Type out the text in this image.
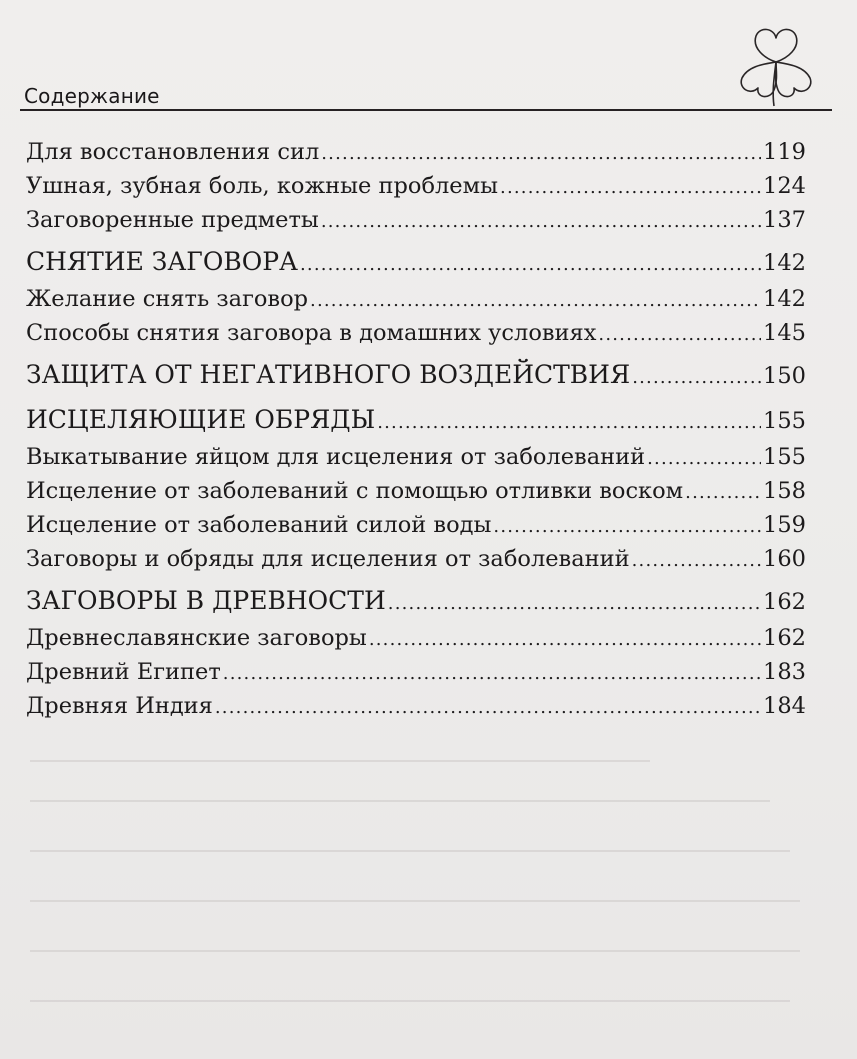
Содержание
Для восстановления сил .....	119
Ушная, зубная боль, кожные проблемы .....	124
Заговоренные предметы .....	137
СНЯТИЕ ЗАГОВОРА .....	142
Желание снять заговор .....	142
Способы снятия заговора в домашних условиях .....	145
ЗАЩИТА ОТ НЕГАТИВНОГО ВОЗДЕЙСТВИЯ .....	150
ИСЦЕЛЯЮЩИЕ ОБРЯДЫ .....	155
Выкатывание яйцом для исцеления от заболеваний .....	155
Исцеление от заболеваний с помощью отливки воском .....	158
Исцеление от заболеваний силой воды .....	159
Заговоры и обряды для исцеления от заболеваний .....	160
ЗАГОВОРЫ В ДРЕВНОСТИ .....	162
Древнеславянские заговоры .....	162
Древний Египет .....	183
Древняя Индия .....	184
